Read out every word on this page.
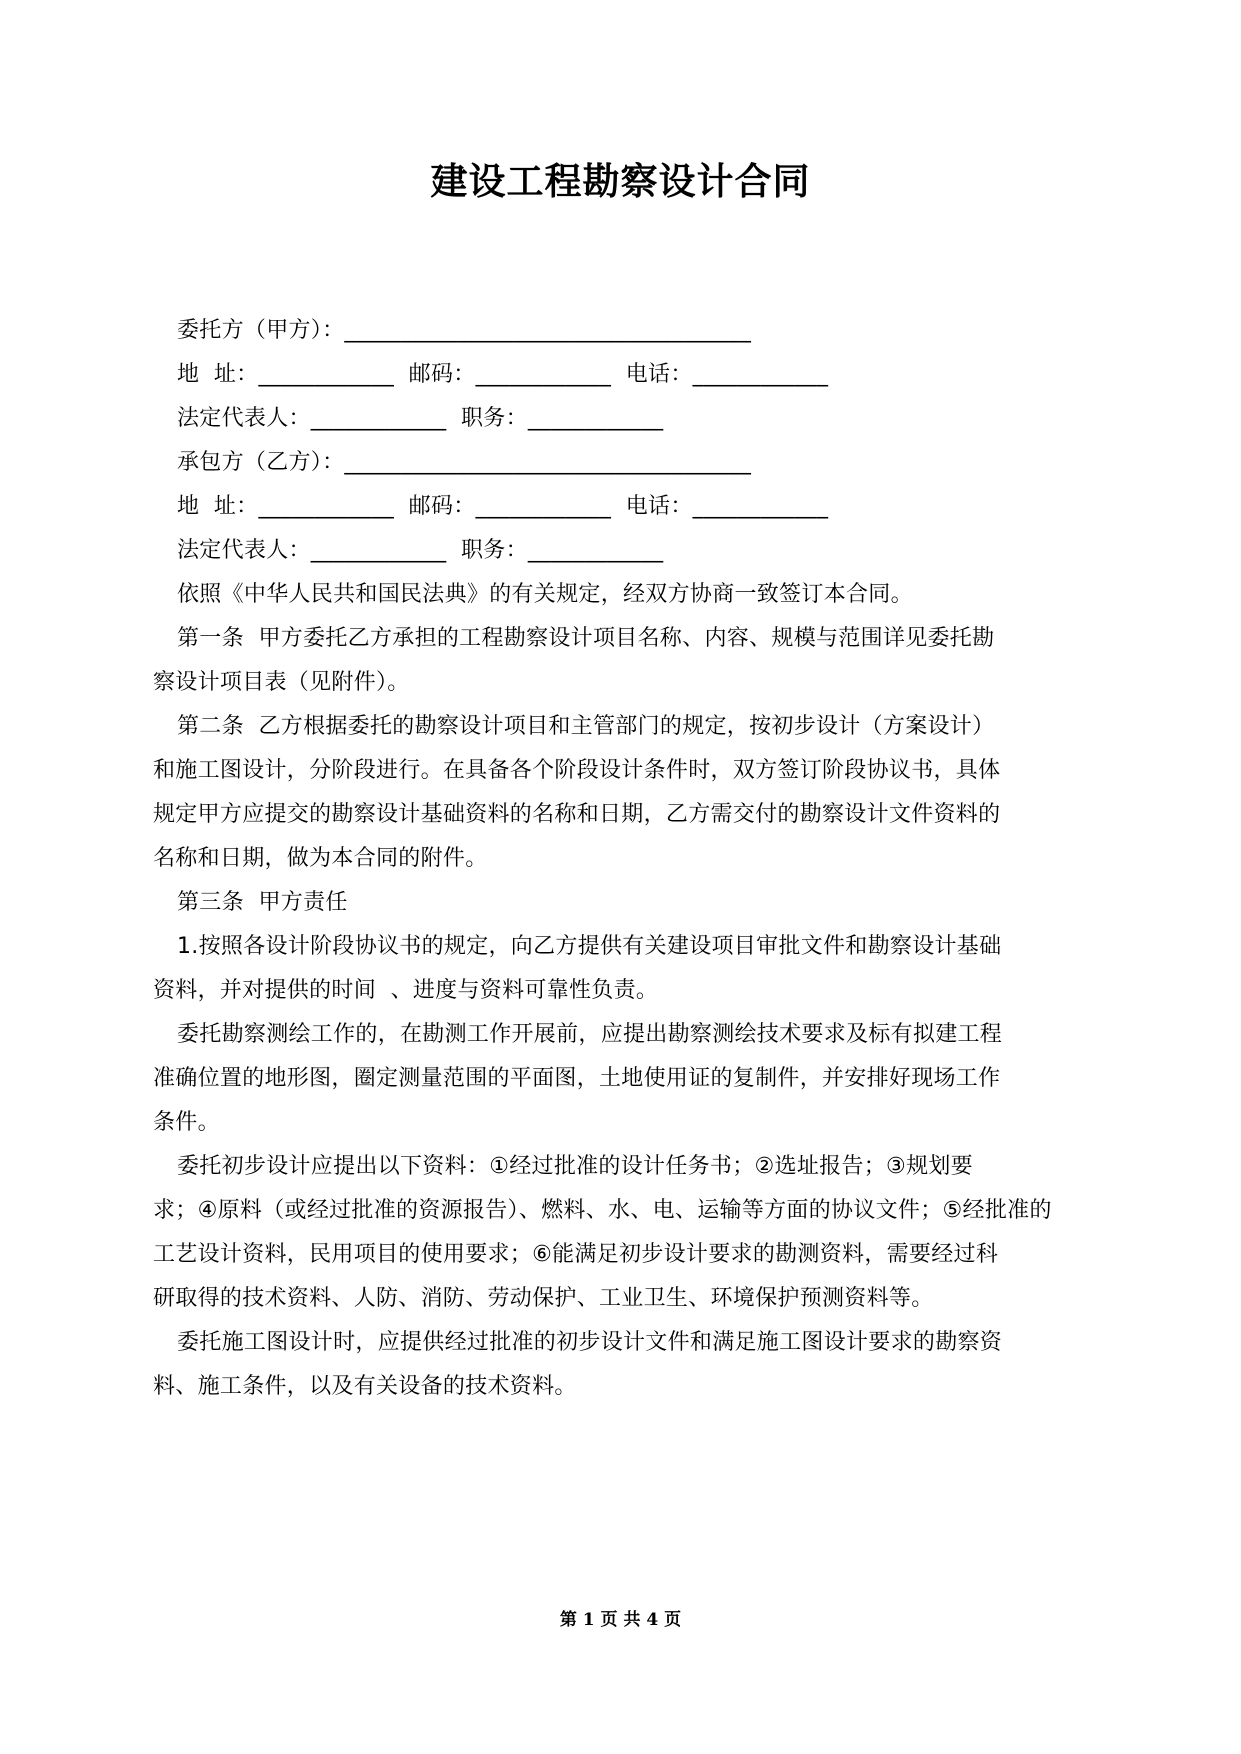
建设工程勘察设计合同
委托方（甲方）：____________________________________
地  址：____________  邮码：____________  电话：____________
法定代表人：____________  职务：____________
承包方（乙方）：____________________________________
地  址：____________  邮码：____________  电话：____________
法定代表人：____________  职务：____________
依照《中华人民共和国民法典》的有关规定，经双方协商一致签订本合同。
第一条  甲方委托乙方承担的工程勘察设计项目名称、内容、规模与范围详见委托勘
察设计项目表（见附件）。
第二条  乙方根据委托的勘察设计项目和主管部门的规定，按初步设计（方案设计）
和施工图设计，分阶段进行。在具备各个阶段设计条件时，双方签订阶段协议书，具体
规定甲方应提交的勘察设计基础资料的名称和日期，乙方需交付的勘察设计文件资料的
名称和日期，做为本合同的附件。
第三条  甲方责任
1.按照各设计阶段协议书的规定，向乙方提供有关建设项目审批文件和勘察设计基础
资料，并对提供的时间  、进度与资料可靠性负责。
委托勘察测绘工作的，在勘测工作开展前，应提出勘察测绘技术要求及标有拟建工程
准确位置的地形图，圈定测量范围的平面图，土地使用证的复制件，并安排好现场工作
条件。
委托初步设计应提出以下资料：①经过批准的设计任务书；②选址报告；③规划要
求；④原料（或经过批准的资源报告）、燃料、水、电、运输等方面的协议文件；⑤经批准的
工艺设计资料，民用项目的使用要求；⑥能满足初步设计要求的勘测资料，需要经过科
研取得的技术资料、人防、消防、劳动保护、工业卫生、环境保护预测资料等。
委托施工图设计时，应提供经过批准的初步设计文件和满足施工图设计要求的勘察资
料、施工条件，以及有关设备的技术资料。
第 1 页 共 4 页
